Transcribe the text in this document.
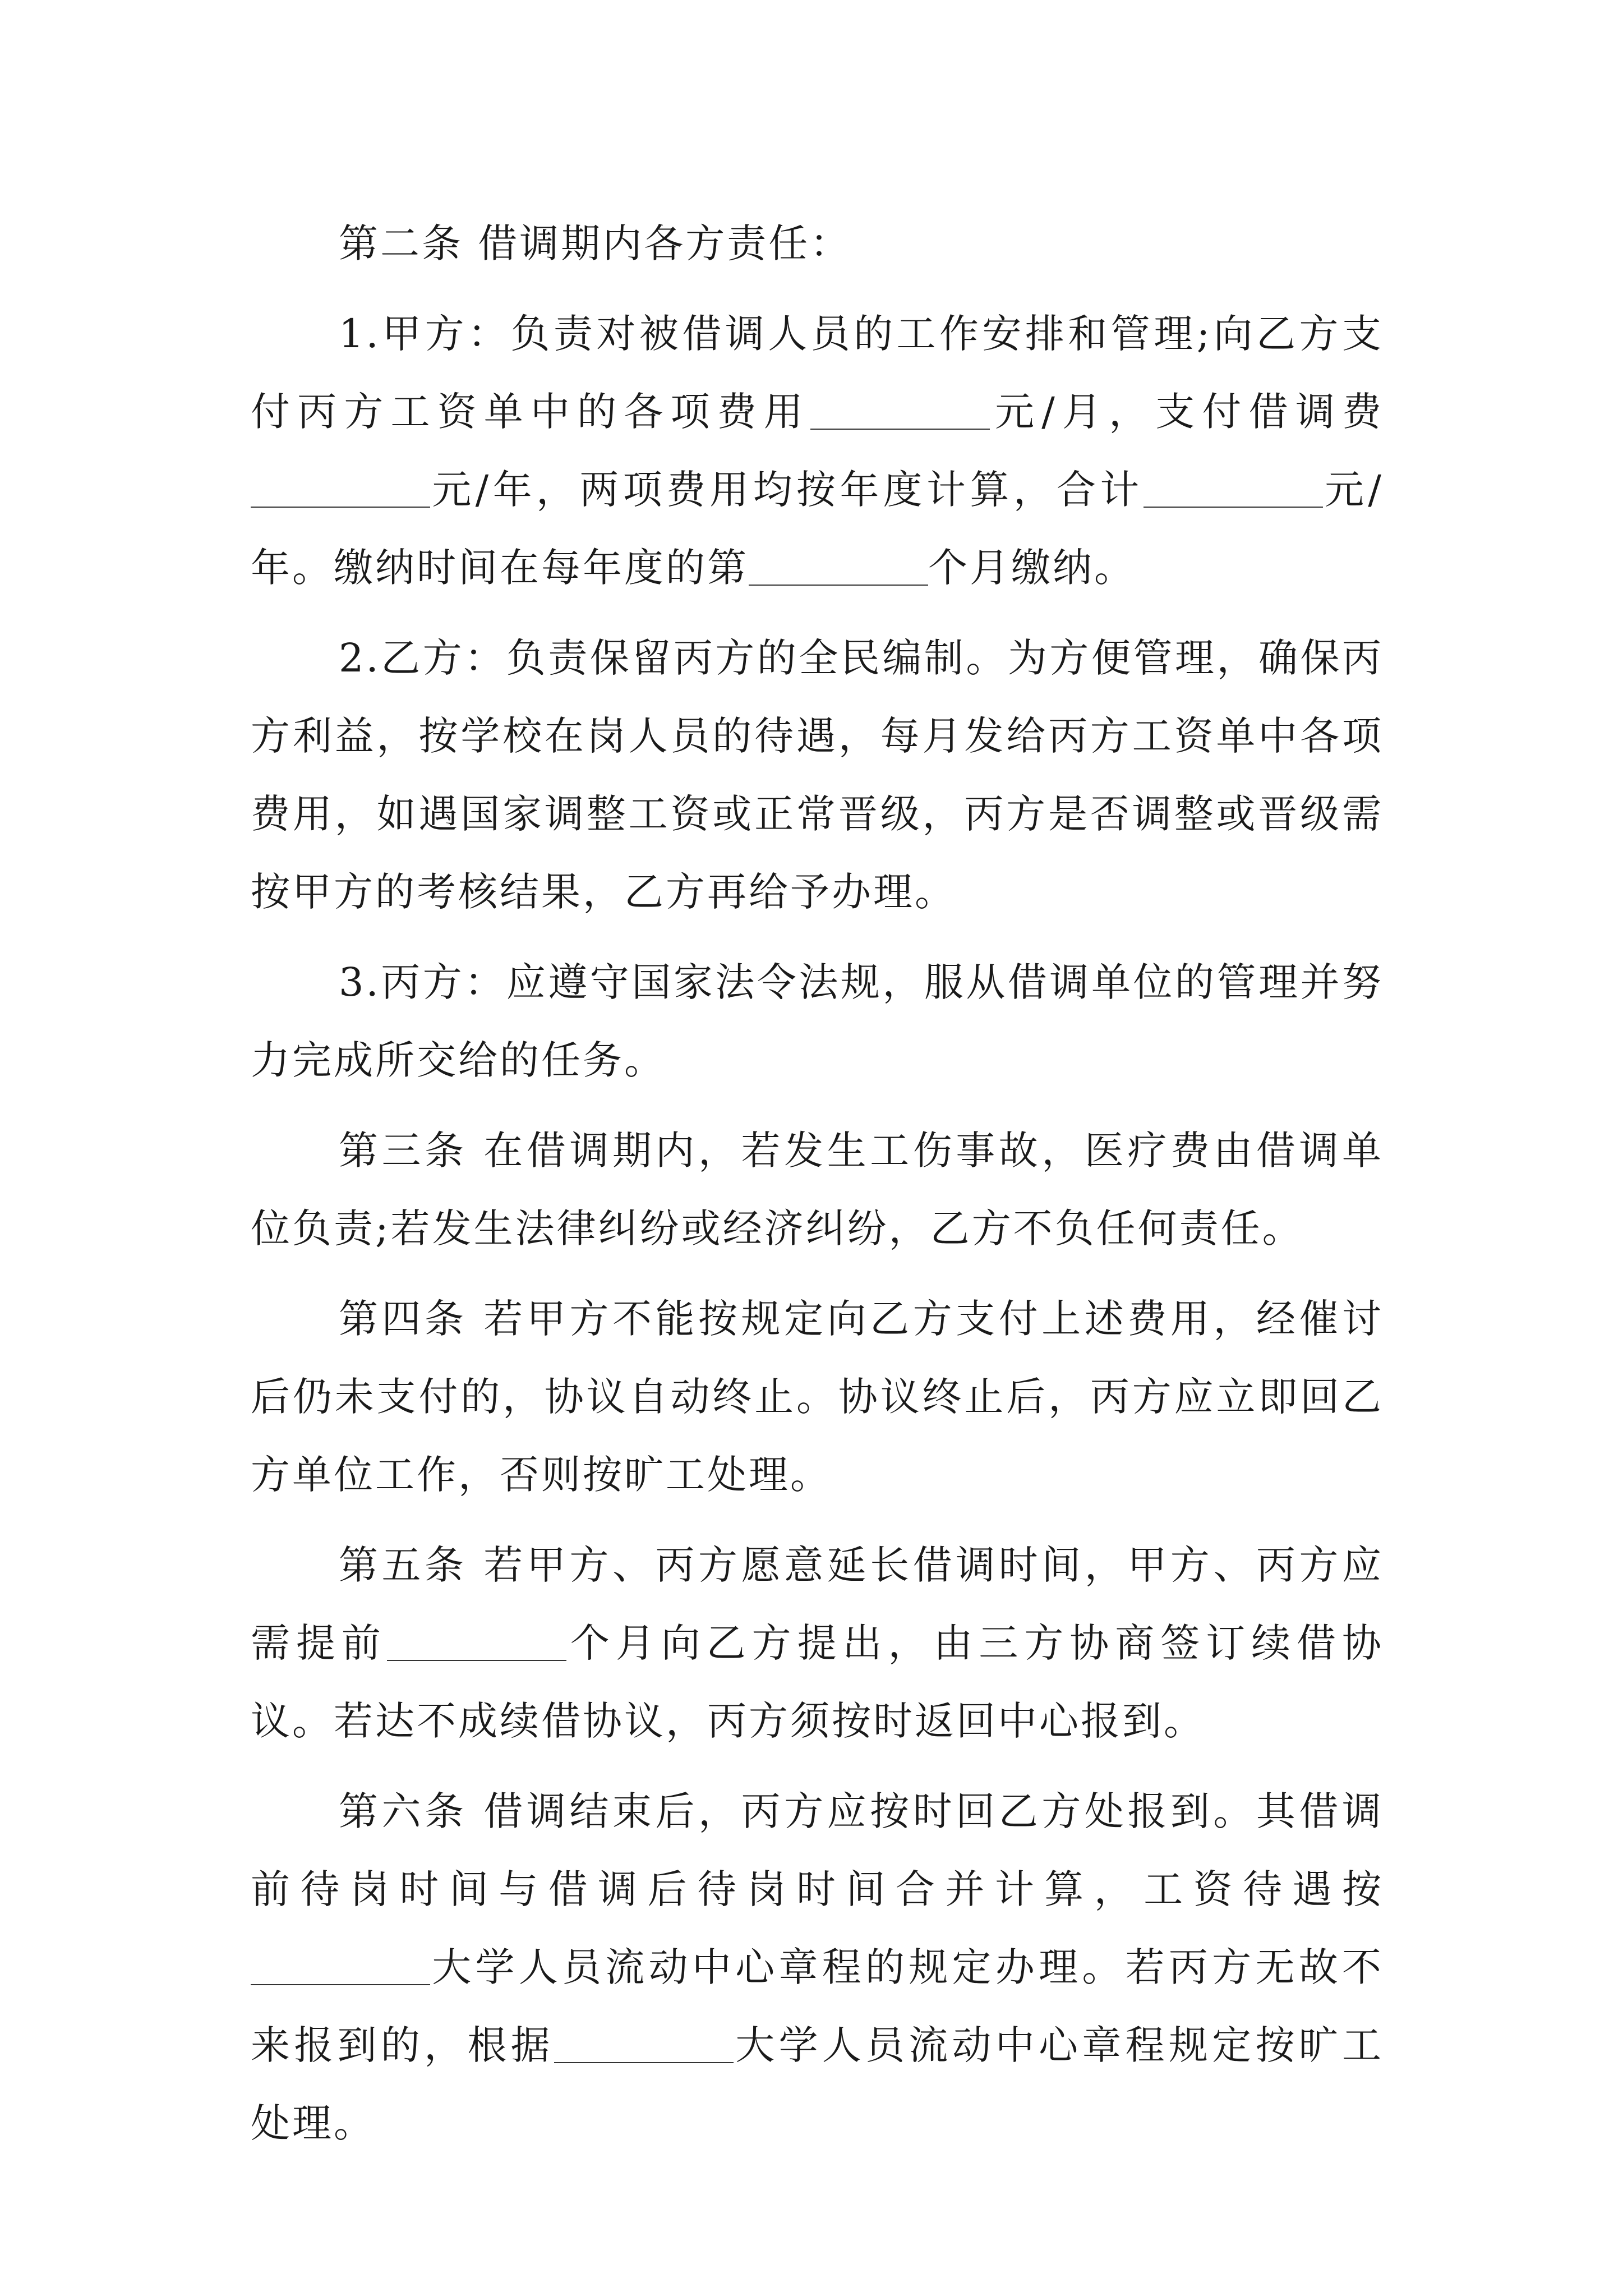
第二条 借调期内各方责任：

1.甲方：负责对被借调人员的工作安排和管理;向乙方支付丙方工资单中的各项费用	元/月，支付借调费元/年，两项费用均按年度计算，合计	元/年。缴纳时间在每年度的第	个月缴纳。

2.乙方：负责保留丙方的全民编制。为方便管理，确保丙方利益，按学校在岗人员的待遇，每月发给丙方工资单中各项费用，如遇国家调整工资或正常晋级，丙方是否调整或晋级需按甲方的考核结果，乙方再给予办理。

3.丙方：应遵守国家法令法规，服从借调单位的管理并努力完成所交给的任务。

第三条 在借调期内，若发生工伤事故，医疗费由借调单位负责;若发生法律纠纷或经济纠纷，乙方不负任何责任。

第四条 若甲方不能按规定向乙方支付上述费用，经催讨后仍未支付的，协议自动终止。协议终止后，丙方应立即回乙方单位工作，否则按旷工处理。

第五条 若甲方、丙方愿意延长借调时间，甲方、丙方应需提前	个月向乙方提出，由三方协商签订续借协议。若达不成续借协议，丙方须按时返回中心报到。

第六条 借调结束后，丙方应按时回乙方处报到。其借调前待岗时间与借调后待岗时间合并计算，工资待遇按大学人员流动中心章程的规定办理。若丙方无故不来报到的，根据	大学人员流动中心章程规定按旷工处理。
